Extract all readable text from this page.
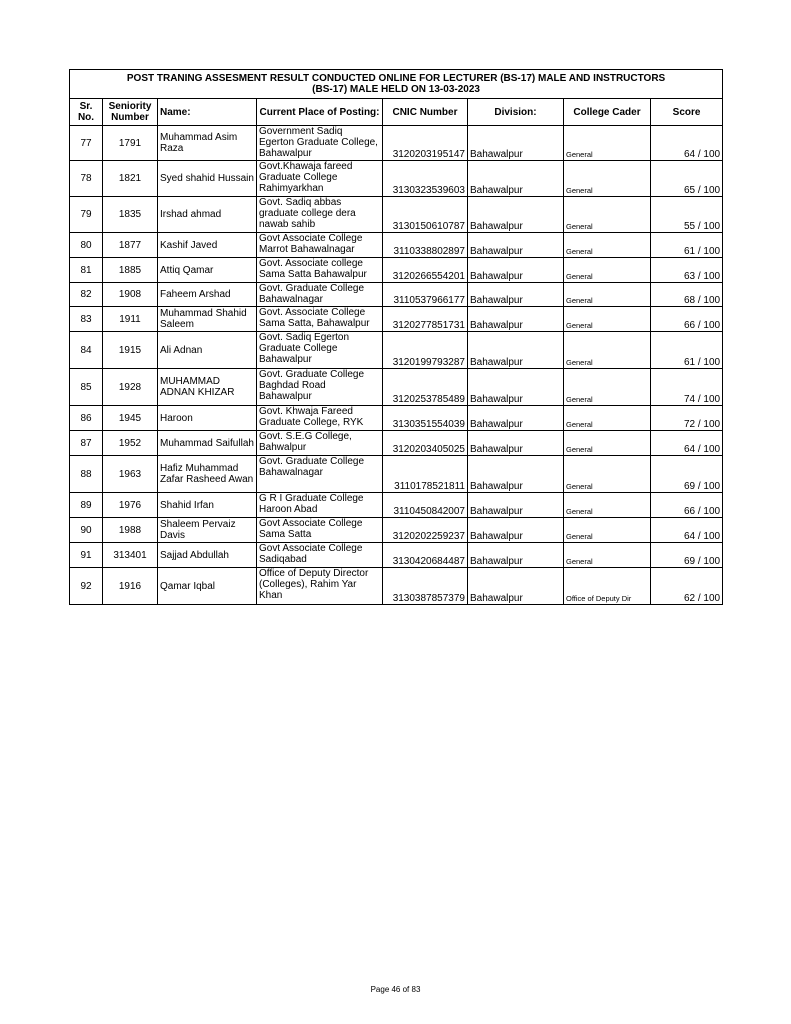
POST TRANING ASSESMENT RESULT CONDUCTED ONLINE FOR LECTURER (BS-17) MALE AND INSTRUCTORS
(BS-17) MALE HELD ON 13-03-2023							

Sr. No.	Seniority Number	Name:	Current Place of Posting:	CNIC Number	Division:	College Cader	Score
77	1791	Muhammad Asim Raza	Government Sadiq
Egerton Graduate College,
Bahawalpur	3120203195147	Bahawalpur	General	64 / 100
78	1821	Syed shahid Hussain	Govt.Khawaja fareed
Graduate College
Rahimyarkhan	3130323539603	Bahawalpur	General	65 / 100
79	1835	Irshad ahmad	Govt. Sadiq abbas
graduate college dera
nawab sahib	3130150610787	Bahawalpur	General	55 / 100
80	1877	Kashif Javed	Govt Associate College
Marrot Bahawalnagar	3110338802897	Bahawalpur	General	61 / 100
81	1885	Attiq Qamar	Govt. Associate college
Sama Satta Bahawalpur	3120266554201	Bahawalpur	General	63 / 100
82	1908	Faheem Arshad	Govt. Graduate College
Bahawalnagar	3110537966177	Bahawalpur	General	68 / 100
83	1911	Muhammad Shahid Saleem	Govt. Associate College
Sama Satta, Bahawalpur	3120277851731	Bahawalpur	General	66 / 100
84	1915	Ali Adnan	Govt. Sadiq Egerton
Graduate College
Bahawalpur	3120199793287	Bahawalpur	General	61 / 100
85	1928	MUHAMMAD ADNAN KHIZAR	Govt. Graduate College
Baghdad Road
Bahawalpur	3120253785489	Bahawalpur	General	74 / 100
86	1945	Haroon	Govt. Khwaja Fareed
Graduate College, RYK	3130351554039	Bahawalpur	General	72 / 100
87	1952	Muhammad Saifullah	Govt. S.E.G College,
Bahwalpur	3120203405025	Bahawalpur	General	64 / 100
88	1963	Hafiz Muhammad Zafar Rasheed Awan	Govt. Graduate College
Bahawalnagar	3110178521811	Bahawalpur	General	69 / 100
89	1976	Shahid Irfan	G R I Graduate College
Haroon Abad	3110450842007	Bahawalpur	General	66 / 100
90	1988	Shaleem Pervaiz Davis	Govt Associate College
Sama Satta	3120202259237	Bahawalpur	General	64 / 100
91	313401	Sajjad Abdullah	Govt Associate College
Sadiqabad	3130420684487	Bahawalpur	General	69 / 100
92	1916	Qamar Iqbal	Office of Deputy Director
(Colleges), Rahim Yar
Khan	3130387857379	Bahawalpur	Office of Deputy Dir	62 / 100
Page 46 of 83
